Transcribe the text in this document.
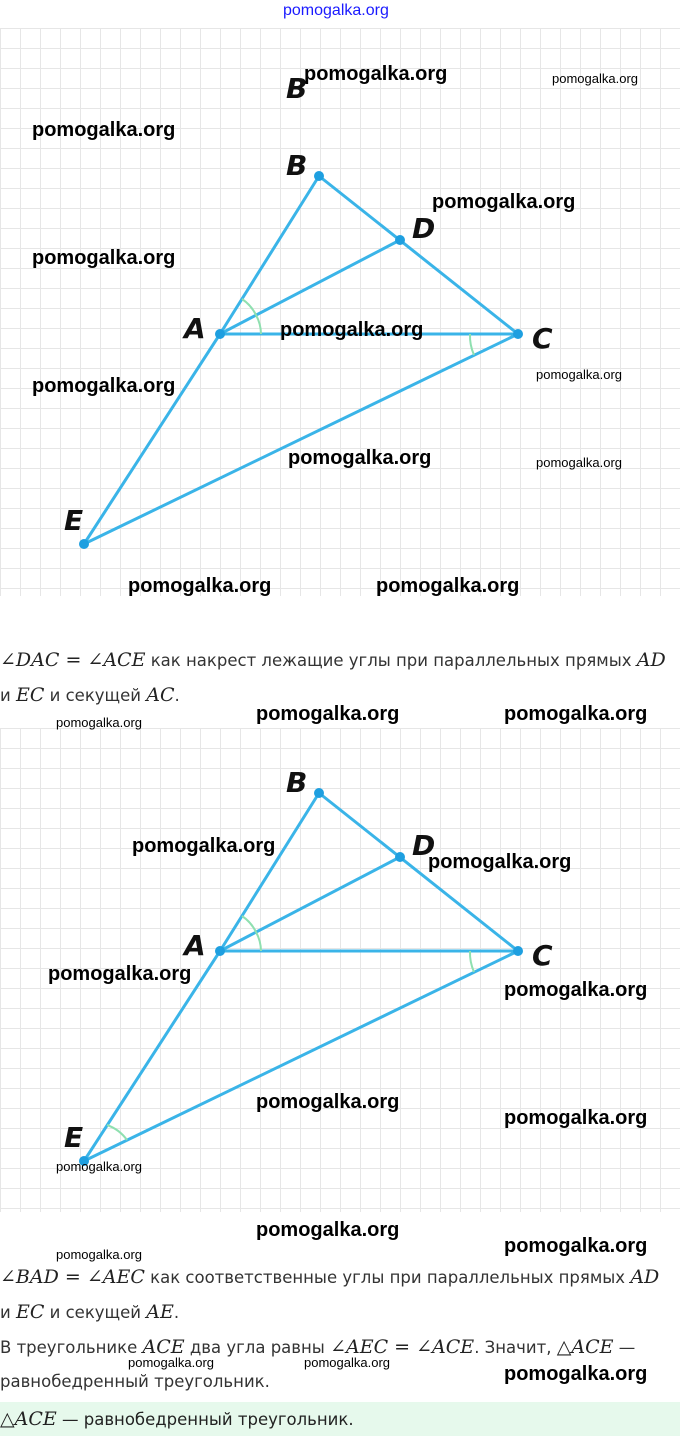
pomogalka.org
B
B
D
A	C
E
∠DAC = ∠ACE как накрест лежащие углы при параллельных прямых AD
и EC и секущей AC.
B
D
A	C
E
∠BAD = ∠AEC как соответственные углы при параллельных прямых AD
и EC и секущей AE.
В треугольнике ACE два угла равны ∠AEC = ∠ACE. Значит, △ACE —
равнобедренный треугольник.
△ACE — равнобедренный треугольник.
pomogalka.org	pomogalka.org
pomogalka.org
pomogalka.org
pomogalka.org
pomogalka.org
pomogalka.org
pomogalka.org
pomogalka.org	pomogalka.org
pomogalka.org	pomogalka.org
pomogalka.org	pomogalka.org
pomogalka.org
pomogalka.org
pomogalka.org
pomogalka.org
pomogalka.org
pomogalka.org
pomogalka.org
pomogalka.org
pomogalka.org
pomogalka.org	pomogalka.org
pomogalka.org	pomogalka.org
pomogalka.org
